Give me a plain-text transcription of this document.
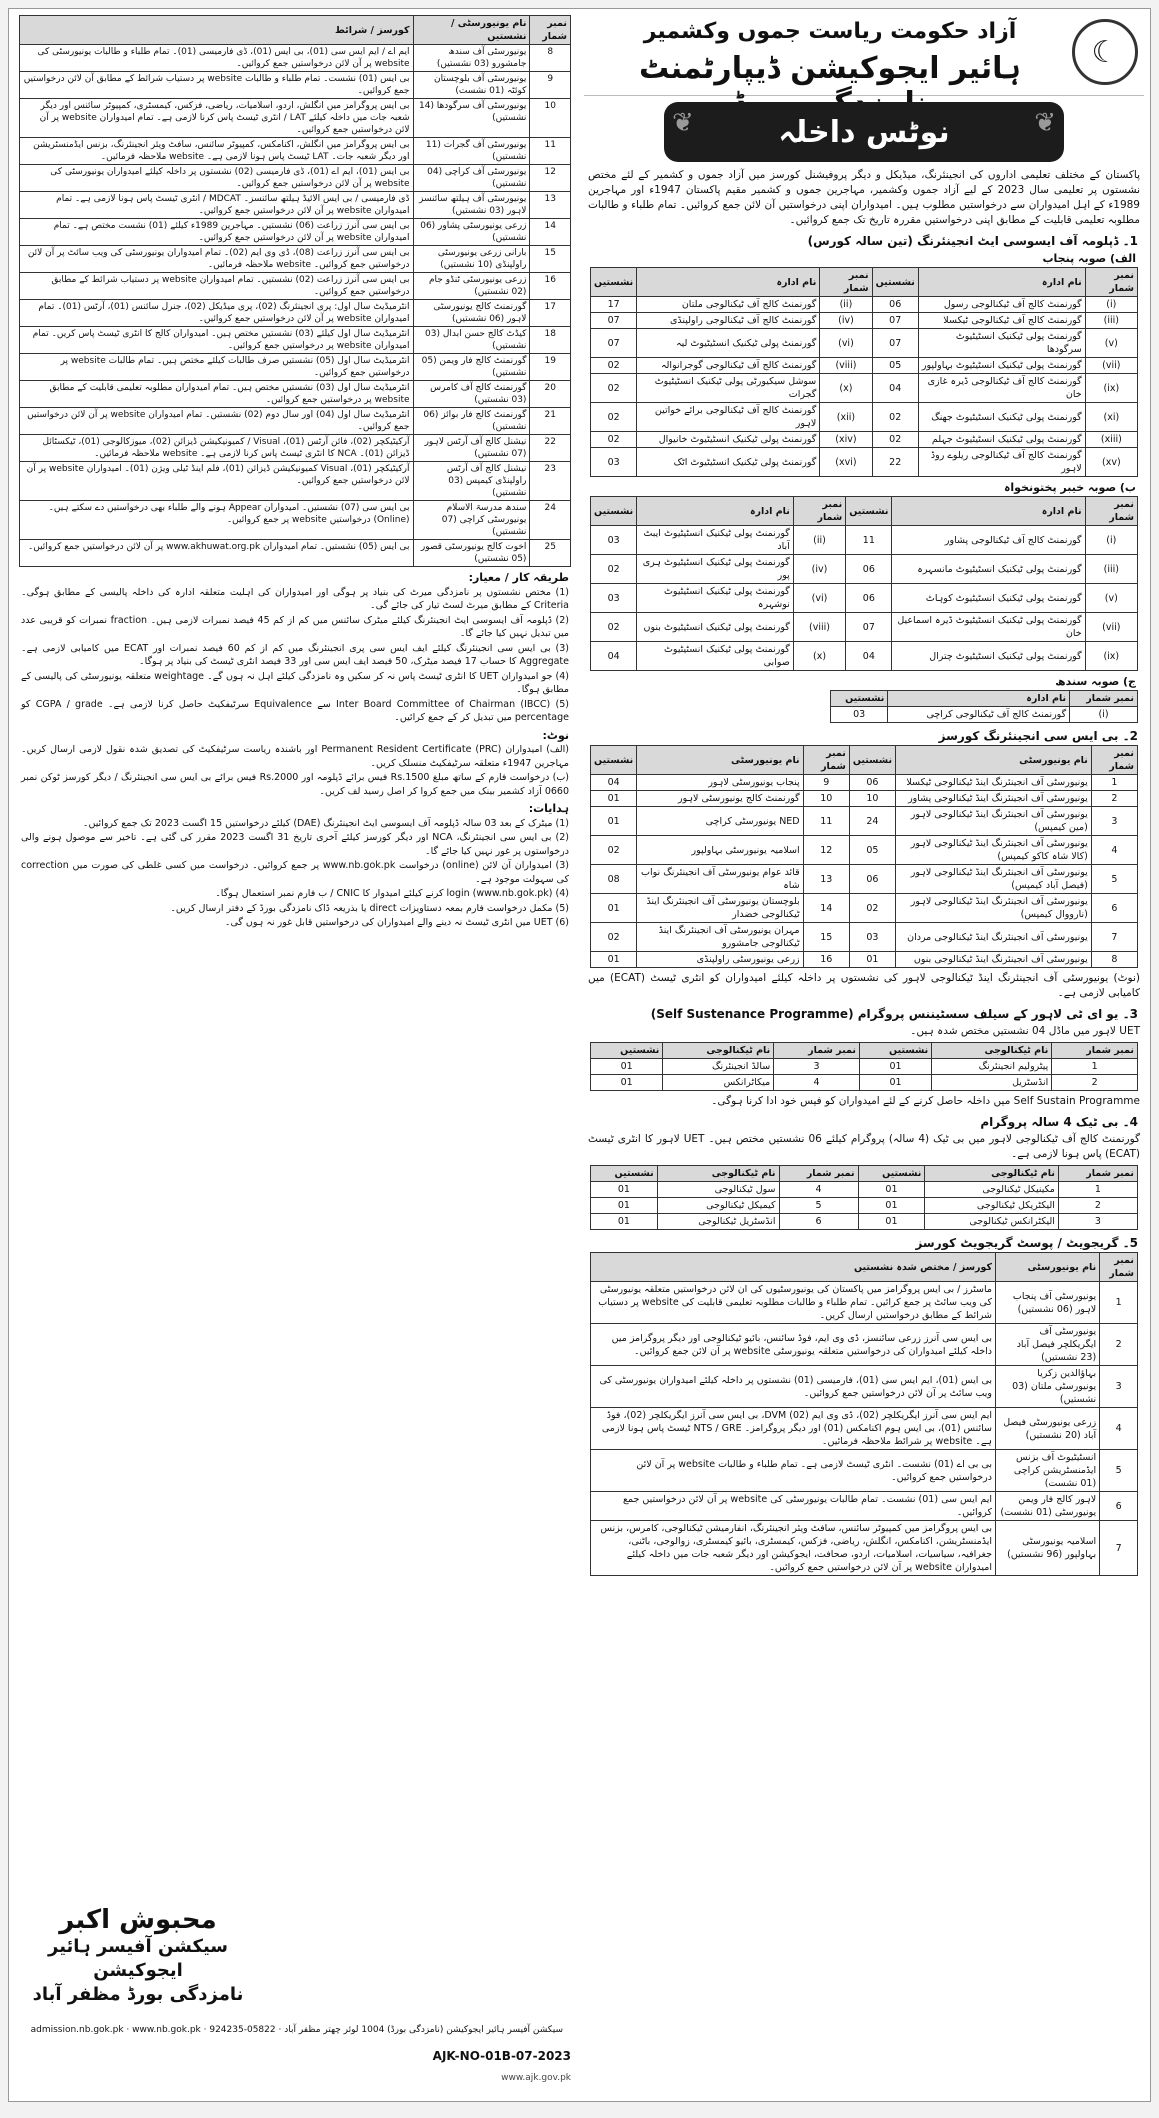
☾
آزاد حکومت ریاست جموں وکشمیر
ہائیر ایجوکیشن ڈیپارٹمنٹ
❦	نوٹس داخلہ	❦
پاکستان کے مختلف تعلیمی اداروں کی انجینئرنگ، میڈیکل و دیگر پروفیشنل کورسز میں آزاد جموں و کشمیر کے لئے مختص نشستوں پر تعلیمی سال 2023 کے لیے آزاد جموں وکشمیر، مہاجرین جموں و کشمیر مقیم پاکستان 1947ء اور مہاجرین 1989ء کے اہل امیدواران سے درخواستیں مطلوب ہیں۔ امیدواران اپنی درخواستیں آن لائن جمع کروائیں۔ تمام طلباء و طالبات مطلوبہ تعلیمی قابلیت کے مطابق اپنی درخواستیں مقررہ تاریخ تک جمع کروائیں۔
1۔ ڈپلومہ آف ایسوسی ایٹ انجینئرنگ (تین سالہ کورس)
الف) صوبہ پنجاب
نمبر شمار	نام ادارہ	نشستیں	نمبر شمار	نام ادارہ	نشستیں
(i)	گورنمنٹ کالج آف ٹیکنالوجی رسول	06	(ii)	گورنمنٹ کالج آف ٹیکنالوجی ملتان	17
(iii)	گورنمنٹ کالج آف ٹیکنالوجی ٹیکسلا	07	(iv)	گورنمنٹ کالج آف ٹیکنالوجی راولپنڈی	07
(v)	گورنمنٹ پولی ٹیکنیک انسٹیٹیوٹ سرگودھا	07	(vi)	گورنمنٹ پولی ٹیکنیک انسٹیٹیوٹ لیہ	07
(vii)	گورنمنٹ پولی ٹیکنیک انسٹیٹیوٹ بہاولپور	05	(viii)	گورنمنٹ کالج آف ٹیکنالوجی گوجرانوالہ	02
(ix)	گورنمنٹ کالج آف ٹیکنالوجی ڈیرہ غازی خان	04	(x)	سوشل سیکیورٹی پولی ٹیکنیک انسٹیٹیوٹ گجرات	02
(xi)	گورنمنٹ پولی ٹیکنیک انسٹیٹیوٹ جھنگ	02	(xii)	گورنمنٹ کالج آف ٹیکنالوجی برائے خواتین لاہور	02
(xiii)	گورنمنٹ پولی ٹیکنیک انسٹیٹیوٹ جہلم	02	(xiv)	گورنمنٹ پولی ٹیکنیک انسٹیٹیوٹ خانیوال	02
(xv)	گورنمنٹ کالج آف ٹیکنالوجی ریلوے روڈ لاہور	22	(xvi)	گورنمنٹ پولی ٹیکنیک انسٹیٹیوٹ اٹک	03
ب) صوبہ خیبر پختونخواہ
نمبر شمار	نام ادارہ	نشستیں	نمبر شمار	نام ادارہ	نشستیں
(i)	گورنمنٹ کالج آف ٹیکنالوجی پشاور	11	(ii)	گورنمنٹ پولی ٹیکنیک انسٹیٹیوٹ ایبٹ آباد	03
(iii)	گورنمنٹ پولی ٹیکنیک انسٹیٹیوٹ مانسہرہ	06	(iv)	گورنمنٹ پولی ٹیکنیک انسٹیٹیوٹ ہری پور	02
(v)	گورنمنٹ پولی ٹیکنیک انسٹیٹیوٹ کوہاٹ	06	(vi)	گورنمنٹ پولی ٹیکنیک انسٹیٹیوٹ نوشہرہ	03
(vii)	گورنمنٹ پولی ٹیکنیک انسٹیٹیوٹ ڈیرہ اسماعیل خان	07	(viii)	گورنمنٹ پولی ٹیکنیک انسٹیٹیوٹ بنوں	02
(ix)	گورنمنٹ پولی ٹیکنیک انسٹیٹیوٹ چترال	04	(x)	گورنمنٹ پولی ٹیکنیک انسٹیٹیوٹ صوابی	04
ج) صوبہ سندھ
نمبر شمار	نام ادارہ	نشستیں
(i)	گورنمنٹ کالج آف ٹیکنالوجی کراچی	03
2۔ بی ایس سی انجینئرنگ کورسز
نمبر شمار	نام یونیورسٹی	نشستیں	نمبر شمار	نام یونیورسٹی	نشستیں
1	یونیورسٹی آف انجینئرنگ اینڈ ٹیکنالوجی ٹیکسلا	06	9	پنجاب یونیورسٹی لاہور	04
2	یونیورسٹی آف انجینئرنگ اینڈ ٹیکنالوجی پشاور	10	10	گورنمنٹ کالج یونیورسٹی لاہور	01
3	یونیورسٹی آف انجینئرنگ اینڈ ٹیکنالوجی لاہور (مین کیمپس)	24	11	NED یونیورسٹی کراچی	01
4	یونیورسٹی آف انجینئرنگ اینڈ ٹیکنالوجی لاہور (کالا شاہ کاکو کیمپس)	05	12	اسلامیہ یونیورسٹی بہاولپور	02
5	یونیورسٹی آف انجینئرنگ اینڈ ٹیکنالوجی لاہور (فیصل آباد کیمپس)	06	13	قائد عوام یونیورسٹی آف انجینئرنگ نواب شاہ	08
6	یونیورسٹی آف انجینئرنگ اینڈ ٹیکنالوجی لاہور (نارووال کیمپس)	02	14	بلوچستان یونیورسٹی آف انجینئرنگ اینڈ ٹیکنالوجی خضدار	01
7	یونیورسٹی آف انجینئرنگ اینڈ ٹیکنالوجی مردان	03	15	مہران یونیورسٹی آف انجینئرنگ اینڈ ٹیکنالوجی جامشورو	02
8	یونیورسٹی آف انجینئرنگ اینڈ ٹیکنالوجی بنوں	01	16	زرعی یونیورسٹی راولپنڈی	01
(نوٹ) یونیورسٹی آف انجینئرنگ اینڈ ٹیکنالوجی لاہور کی نشستوں پر داخلہ کیلئے امیدواران کو انٹری ٹیسٹ (ECAT) میں کامیابی لازمی ہے۔
3۔ یو ای ٹی لاہور کے سیلف سسٹیننس پروگرام (Self Sustenance Programme)
UET لاہور میں ماڈل 04 نشستیں مختص شدہ ہیں۔
نمبر شمار	نام ٹیکنالوجی	نشستیں	نمبر شمار	نام ٹیکنالوجی	نشستیں
1	پیٹرولیم انجینئرنگ	01	3	سالڈ انجینئرنگ	01
2	انڈسٹریل	01	4	میکاٹرانکس	01
Self Sustain Programme میں داخلہ حاصل کرنے کے لئے امیدواران کو فیس خود ادا کرنا ہوگی۔
4۔ بی ٹیک 4 سالہ پروگرام
گورنمنٹ کالج آف ٹیکنالوجی لاہور میں بی ٹیک (4 سالہ) پروگرام کیلئے 06 نشستیں مختص ہیں۔ UET لاہور کا انٹری ٹیسٹ (ECAT) پاس ہونا لازمی ہے۔
نمبر شمار	نام ٹیکنالوجی	نشستیں	نمبر شمار	نام ٹیکنالوجی	نشستیں
1	مکینیکل ٹیکنالوجی	01	4	سول ٹیکنالوجی	01
2	الیکٹریکل ٹیکنالوجی	01	5	کیمیکل ٹیکنالوجی	01
3	الیکٹرانکس ٹیکنالوجی	01	6	انڈسٹریل ٹیکنالوجی	01
5۔ گریجویٹ / پوسٹ گریجویٹ کورسز
نمبر شمار	نام یونیورسٹی	کورسز / مختص شدہ نشستیں
1	یونیورسٹی آف پنجاب لاہور (06 نشستیں)	ماسٹرز / بی ایس پروگرامز میں پاکستان کی یونیورسٹیوں کی ان لائن درخواستیں متعلقہ یونیورسٹی کی ویب سائٹ پر جمع کرائیں۔ تمام طلباء و طالبات مطلوبہ تعلیمی قابلیت کی website پر دستیاب شرائط کے مطابق درخواستیں ارسال کریں۔
2	یونیورسٹی آف ایگریکلچر فیصل آباد (23 نشستیں)	بی ایس سی آنرز زرعی سائنسز، ڈی وی ایم، فوڈ سائنس، بائیو ٹیکنالوجی اور دیگر پروگرامز میں داخلہ کیلئے امیدواران کی درخواستیں متعلقہ یونیورسٹی website پر آن لائن جمع کروائیں۔
3	بہاؤالدین زکریا یونیورسٹی ملتان (03 نشستیں)	بی ایس (01)، ایم ایس سی (01)، فارمیسی (01) نشستوں پر داخلہ کیلئے امیدواران یونیورسٹی کی ویب سائٹ پر آن لائن درخواستیں جمع کروائیں۔
4	زرعی یونیورسٹی فیصل آباد (20 نشستیں)	ایم ایس سی آنرز ایگریکلچر (02)، ڈی وی ایم DVM (02)، بی ایس سی آنرز ایگریکلچر (02)، فوڈ سائنس (01)، بی ایس ہوم اکنامکس (01) اور دیگر پروگرامز۔ NTS / GRE ٹیسٹ پاس ہونا لازمی ہے۔ website پر شرائط ملاحظہ فرمائیں۔
5	انسٹیٹیوٹ آف بزنس ایڈمنسٹریشن کراچی (01 نشست)	بی بی اے (01) نشست۔ انٹری ٹیسٹ لازمی ہے۔ تمام طلباء و طالبات website پر آن لائن درخواستیں جمع کروائیں۔
6	لاہور کالج فار ویمن یونیورسٹی (01 نشست)	ایم ایس سی (01) نشست۔ تمام طالبات یونیورسٹی کی website پر آن لائن درخواستیں جمع کروائیں۔
7	اسلامیہ یونیورسٹی بہاولپور (96 نشستیں)	بی ایس پروگرامز میں کمپیوٹر سائنس، سافٹ ویئر انجینئرنگ، انفارمیشن ٹیکنالوجی، کامرس، بزنس ایڈمنسٹریشن، اکنامکس، انگلش، ریاضی، فزکس، کیمسٹری، بائیو کیمسٹری، زوالوجی، باٹنی، جغرافیہ، سیاسیات، اسلامیات، اردو، صحافت، ایجوکیشن اور دیگر شعبہ جات میں داخلہ کیلئے امیدواران website پر آن لائن درخواستیں جمع کروائیں۔
نمبر شمار	نام یونیورسٹی / نشستیں	کورسز / شرائط
8	یونیورسٹی آف سندھ جامشورو (03 نشستیں)	ایم اے / ایم ایس سی (01)، بی ایس (01)، ڈی فارمیسی (01)۔ تمام طلباء و طالبات یونیورسٹی کی website پر آن لائن درخواستیں جمع کروائیں۔
9	یونیورسٹی آف بلوچستان کوئٹہ (01 نشست)	بی ایس (01) نشست۔ تمام طلباء و طالبات website پر دستیاب شرائط کے مطابق آن لائن درخواستیں جمع کروائیں۔
10	یونیورسٹی آف سرگودھا (14 نشستیں)	بی ایس پروگرامز میں انگلش، اردو، اسلامیات، ریاضی، فزکس، کیمسٹری، کمپیوٹر سائنس اور دیگر شعبہ جات میں داخلہ کیلئے LAT / انٹری ٹیسٹ پاس کرنا لازمی ہے۔ تمام امیدواران website پر آن لائن درخواستیں جمع کروائیں۔
11	یونیورسٹی آف گجرات (11 نشستیں)	بی ایس پروگرامز میں انگلش، اکنامکس، کمپیوٹر سائنس، سافٹ ویئر انجینئرنگ، بزنس ایڈمنسٹریشن اور دیگر شعبہ جات۔ LAT ٹیسٹ پاس ہونا لازمی ہے۔ website ملاحظہ فرمائیں۔
12	یونیورسٹی آف کراچی (04 نشستیں)	بی ایس (01)، ایم اے (01)، ڈی فارمیسی (02) نشستوں پر داخلہ کیلئے امیدواران یونیورسٹی کی website پر آن لائن درخواستیں جمع کروائیں۔
13	یونیورسٹی آف ہیلتھ سائنسز لاہور (03 نشستیں)	ڈی فارمیسی / بی ایس الائیڈ ہیلتھ سائنسز۔ MDCAT / انٹری ٹیسٹ پاس ہونا لازمی ہے۔ تمام امیدواران website پر آن لائن درخواستیں جمع کروائیں۔
14	زرعی یونیورسٹی پشاور (06 نشستیں)	بی ایس سی آنرز زراعت (06) نشستیں۔ مہاجرین 1989ء کیلئے (01) نشست مختص ہے۔ تمام امیدواران website پر آن لائن درخواستیں جمع کروائیں۔
15	بارانی زرعی یونیورسٹی راولپنڈی (10 نشستیں)	بی ایس سی آنرز زراعت (08)، ڈی وی ایم (02)۔ تمام امیدواران یونیورسٹی کی ویب سائٹ پر آن لائن درخواستیں جمع کروائیں۔ website ملاحظہ فرمائیں۔
16	زرعی یونیورسٹی ٹنڈو جام (02 نشستیں)	بی ایس سی آنرز زراعت (02) نشستیں۔ تمام امیدواران website پر دستیاب شرائط کے مطابق درخواستیں جمع کروائیں۔
17	گورنمنٹ کالج یونیورسٹی لاہور (06 نشستیں)	انٹرمیڈیٹ سال اول: پری انجینئرنگ (02)، پری میڈیکل (02)، جنرل سائنس (01)، آرٹس (01)۔ تمام امیدواران website پر آن لائن درخواستیں جمع کروائیں۔
18	کیڈٹ کالج حسن ابدال (03 نشستیں)	انٹرمیڈیٹ سال اول کیلئے (03) نشستیں مختص ہیں۔ امیدواران کالج کا انٹری ٹیسٹ پاس کریں۔ تمام امیدواران website پر درخواستیں جمع کروائیں۔
19	گورنمنٹ کالج فار ویمن (05 نشستیں)	انٹرمیڈیٹ سال اول (05) نشستیں صرف طالبات کیلئے مختص ہیں۔ تمام طالبات website پر درخواستیں جمع کروائیں۔
20	گورنمنٹ کالج آف کامرس (03 نشستیں)	انٹرمیڈیٹ سال اول (03) نشستیں مختص ہیں۔ تمام امیدواران مطلوبہ تعلیمی قابلیت کے مطابق website پر درخواستیں جمع کروائیں۔
21	گورنمنٹ کالج فار بوائز (06 نشستیں)	انٹرمیڈیٹ سال اول (04) اور سال دوم (02) نشستیں۔ تمام امیدواران website پر آن لائن درخواستیں جمع کروائیں۔
22	نیشنل کالج آف آرٹس لاہور (07 نشستیں)	آرکیٹیکچر (02)، فائن آرٹس (01)، Visual / کمیونیکیشن ڈیزائن (02)، میوزکالوجی (01)، ٹیکسٹائل ڈیزائن (01)۔ NCA کا انٹری ٹیسٹ پاس کرنا لازمی ہے۔ website ملاحظہ فرمائیں۔
23	نیشنل کالج آف آرٹس راولپنڈی کیمپس (03 نشستیں)	آرکیٹیکچر (01)، Visual کمیونیکیشن ڈیزائن (01)، فلم اینڈ ٹیلی ویژن (01)۔ امیدواران website پر آن لائن درخواستیں جمع کروائیں۔
24	سندھ مدرسۃ الاسلام یونیورسٹی کراچی (07 نشستیں)	بی ایس سی (07) نشستیں۔ امیدواران Appear ہونے والے طلباء بھی درخواستیں دے سکتے ہیں۔ (Online) درخواستیں website پر جمع کروائیں۔
25	اخوت کالج یونیورسٹی قصور (05 نشستیں)	بی ایس (05) نشستیں۔ تمام امیدواران www.akhuwat.org.pk پر آن لائن درخواستیں جمع کروائیں۔
طریقہ کار / معیار:

(1) مختص نشستوں پر نامزدگی میرٹ کی بنیاد پر ہوگی اور امیدواران کی اہلیت متعلقہ ادارہ کی داخلہ پالیسی کے مطابق ہوگی۔ Criteria کے مطابق میرٹ لسٹ تیار کی جائے گی۔

(2) ڈپلومہ آف ایسوسی ایٹ انجینئرنگ کیلئے میٹرک سائنس میں کم از کم 45 فیصد نمبرات لازمی ہیں۔ fraction نمبرات کو قریبی عدد میں تبدیل نہیں کیا جائے گا۔

(3) بی ایس سی انجینئرنگ کیلئے ایف ایس سی پری انجینئرنگ میں کم از کم 60 فیصد نمبرات اور ECAT میں کامیابی لازمی ہے۔ Aggregate کا حساب 17 فیصد میٹرک، 50 فیصد ایف ایس سی اور 33 فیصد انٹری ٹیسٹ کی بنیاد پر ہوگا۔

(4) جو امیدواران UET کا انٹری ٹیسٹ پاس نہ کر سکیں وہ نامزدگی کیلئے اہل نہ ہوں گے۔ weightage متعلقہ یونیورسٹی کی پالیسی کے مطابق ہوگا۔

(5) Inter Board Committee of Chairman (IBCC) سے Equivalence سرٹیفکیٹ حاصل کرنا لازمی ہے۔ CGPA / grade کو percentage میں تبدیل کر کے جمع کرائیں۔

نوٹ:

(الف) امیدواران Permanent Resident Certificate (PRC) اور باشندہ ریاست سرٹیفکیٹ کی تصدیق شدہ نقول لازمی ارسال کریں۔ مہاجرین 1947ء متعلقہ سرٹیفکیٹ منسلک کریں۔

(ب) درخواست فارم کے ساتھ مبلغ Rs.1500 فیس برائے ڈپلومہ اور Rs.2000 فیس برائے بی ایس سی انجینئرنگ / دیگر کورسز ٹوکن نمبر 0660 آزاد کشمیر بینک میں جمع کروا کر اصل رسید لف کریں۔

ہدایات:

(1) میٹرک کے بعد 03 سالہ ڈپلومہ آف ایسوسی ایٹ انجینئرنگ (DAE) کیلئے درخواستیں 15 اگست 2023 تک جمع کروائیں۔

(2) بی ایس سی انجینئرنگ، NCA اور دیگر کورسز کیلئے آخری تاریخ 31 اگست 2023 مقرر کی گئی ہے۔ تاخیر سے موصول ہونے والی درخواستوں پر غور نہیں کیا جائے گا۔

(3) امیدواران آن لائن (online) درخواست www.nb.gok.pk پر جمع کروائیں۔ درخواست میں کسی غلطی کی صورت میں correction کی سہولت موجود ہے۔

(4) login (www.nb.gok.pk) کرنے کیلئے امیدوار کا CNIC / ب فارم نمبر استعمال ہوگا۔

(5) مکمل درخواست فارم بمعہ دستاویزات direct یا بذریعہ ڈاک نامزدگی بورڈ کے دفتر ارسال کریں۔

(6) UET میں انٹری ٹیسٹ نہ دینے والے امیدواران کی درخواستیں قابل غور نہ ہوں گی۔

محبوش اکبر
سیکشن آفیسر ہائیر ایجوکیشن
نامزدگی بورڈ مظفر آباد
سیکشن آفیسر ہائیر ایجوکیشن (نامزدگی بورڈ) 1004 لوئر چھتر مظفر آباد · 05822-924235 · admission.nb.gok.pk · www.nb.gok.pk
AJK-NO-01B-07-2023
www.ajk.gov.pk
